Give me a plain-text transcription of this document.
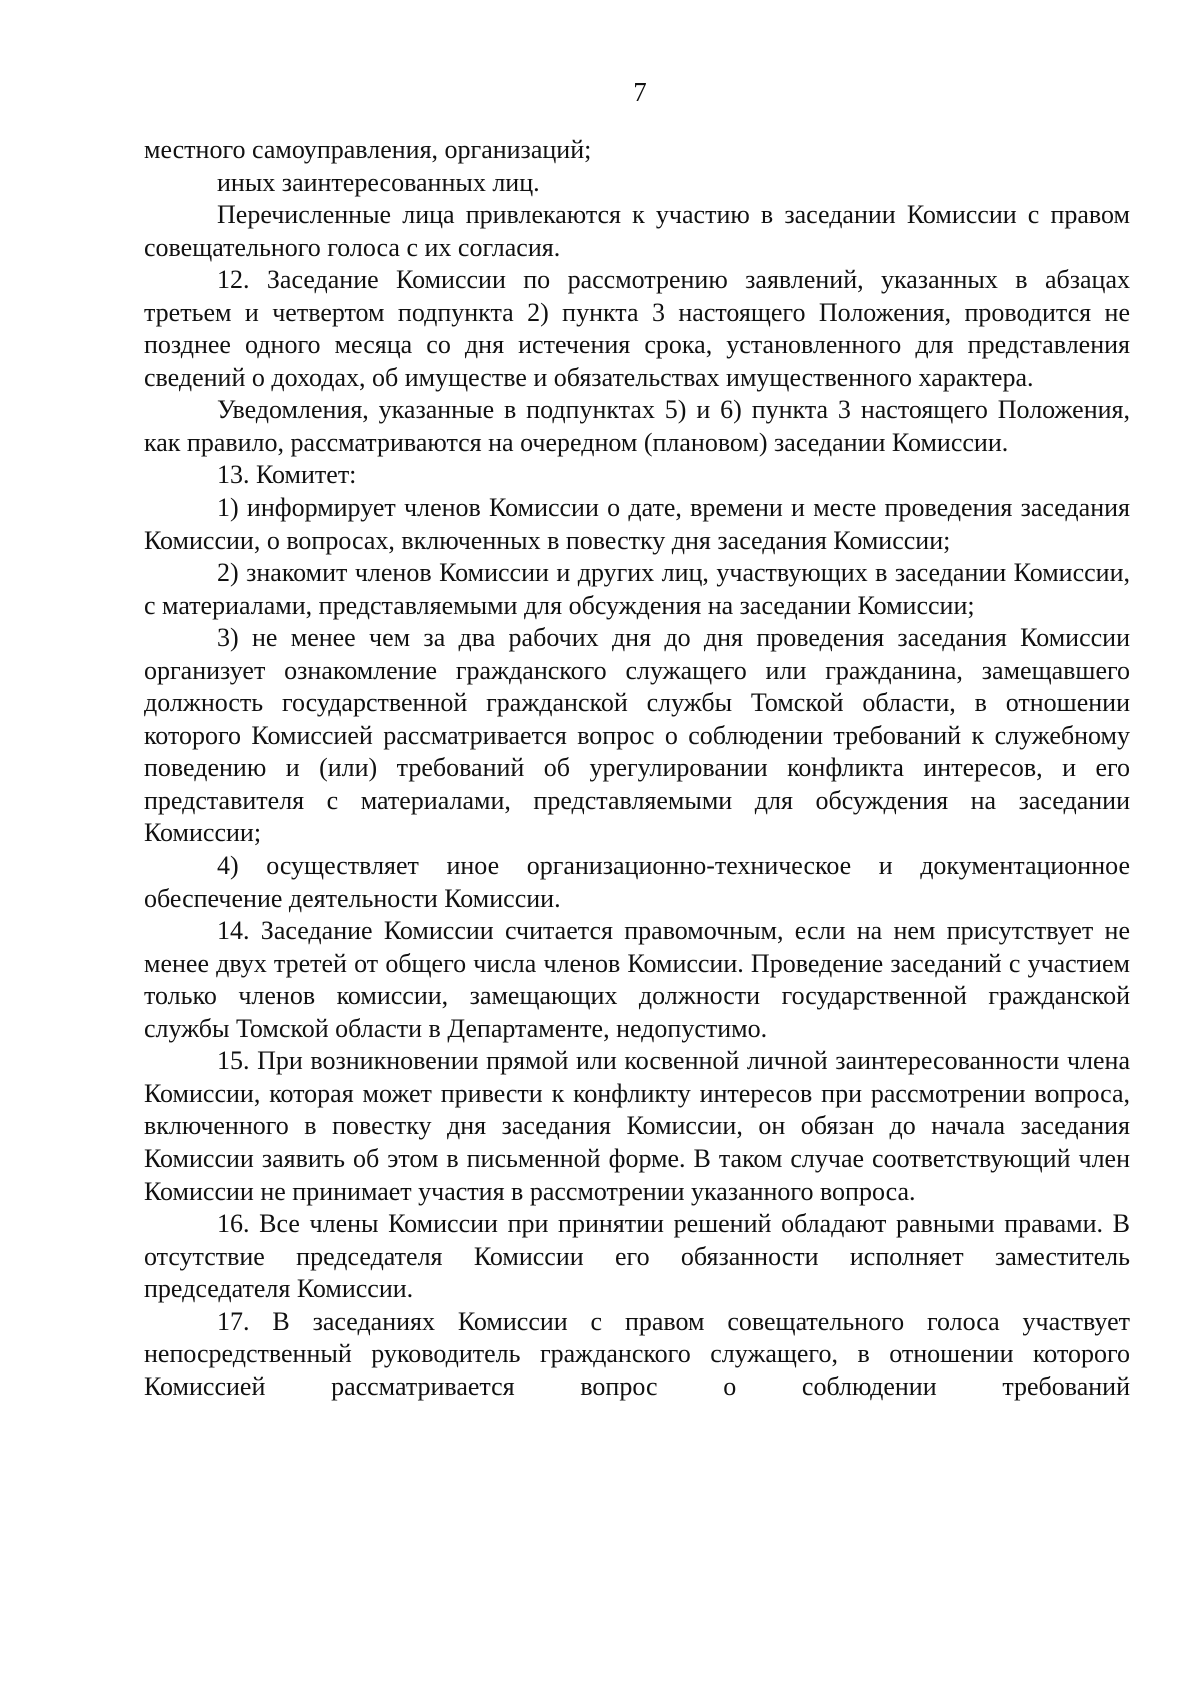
7

местного самоуправления, организаций;

иных заинтересованных лиц.

Перечисленные лица привлекаются к участию в заседании Комиссии с правом совещательного голоса с их согласия.

12. Заседание Комиссии по рассмотрению заявлений, указанных в абзацах третьем и четвертом подпункта 2) пункта 3 настоящего Положения, проводится не позднее одного месяца со дня истечения срока, установленного для представления сведений о доходах, об имуществе и обязательствах имущественного характера.

Уведомления, указанные в подпунктах 5) и 6) пункта 3 настоящего Положения, как правило, рассматриваются на очередном (плановом) заседании Комиссии.

13. Комитет:

1) информирует членов Комиссии о дате, времени и месте проведения заседания Комиссии, о вопросах, включенных в повестку дня заседания Комиссии;

2) знакомит членов Комиссии и других лиц, участвующих в заседании Комиссии, с материалами, представляемыми для обсуждения на заседании Комиссии;

3) не менее чем за два рабочих дня до дня проведения заседания Комиссии организует ознакомление гражданского служащего или гражданина, замещавшего должность государственной гражданской службы Томской области, в отношении которого Комиссией рассматривается вопрос о соблюдении требований к служебному поведению и (или) требований об урегулировании конфликта интересов, и его представителя с материалами, представляемыми для обсуждения на заседании Комиссии;

4) осуществляет иное организационно-техническое и документационное обеспечение деятельности Комиссии.

14. Заседание Комиссии считается правомочным, если на нем присутствует не менее двух третей от общего числа членов Комиссии. Проведение заседаний с участием только членов комиссии, замещающих должности государственной гражданской службы Томской области в Департаменте, недопустимо.

15. При возникновении прямой или косвенной личной заинтересованности члена Комиссии, которая может привести к конфликту интересов при рассмотрении вопроса, включенного в повестку дня заседания Комиссии, он обязан до начала заседания Комиссии заявить об этом в письменной форме. В таком случае соответствующий член Комиссии не принимает участия в рассмотрении указанного вопроса.

16. Все члены Комиссии при принятии решений обладают равными правами. В отсутствие председателя Комиссии его обязанности исполняет заместитель председателя Комиссии.

17. В заседаниях Комиссии с правом совещательного голоса участвует непосредственный руководитель гражданского служащего, в отношении которого Комиссией рассматривается вопрос о соблюдении требований
